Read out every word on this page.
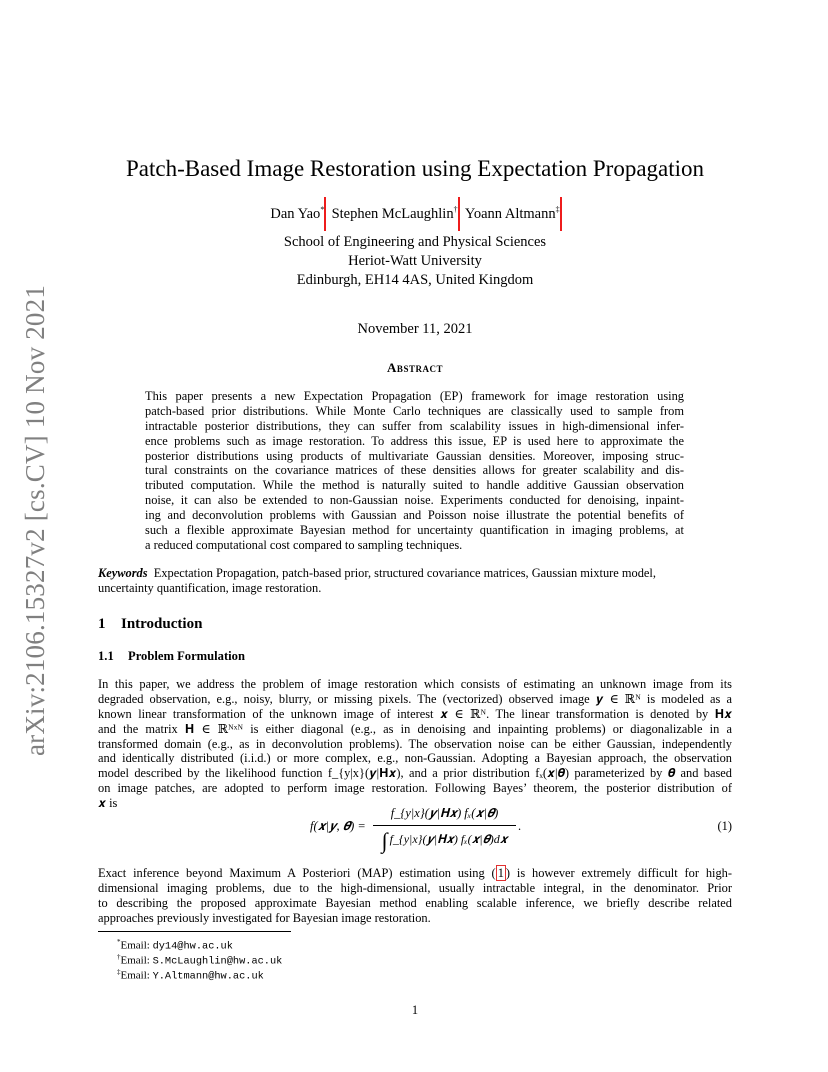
arXiv:2106.15327v2 [cs.CV] 10 Nov 2021
Patch-Based Image Restoration using Expectation Propagation
Dan Yao* Stephen McLaughlin† Yoann Altmann‡
School of Engineering and Physical Sciences
Heriot-Watt University
Edinburgh, EH14 4AS, United Kingdom
November 11, 2021
Abstract
This paper presents a new Expectation Propagation (EP) framework for image restoration using
patch-based prior distributions. While Monte Carlo techniques are classically used to sample from
intractable posterior distributions, they can suffer from scalability issues in high-dimensional infer-
ence problems such as image restoration. To address this issue, EP is used here to approximate the
posterior distributions using products of multivariate Gaussian densities. Moreover, imposing struc-
tural constraints on the covariance matrices of these densities allows for greater scalability and dis-
tributed computation. While the method is naturally suited to handle additive Gaussian observation
noise, it can also be extended to non-Gaussian noise. Experiments conducted for denoising, inpaint-
ing and deconvolution problems with Gaussian and Poisson noise illustrate the potential benefits of
such a flexible approximate Bayesian method for uncertainty quantification in imaging problems, at
a reduced computational cost compared to sampling techniques.
Keywords Expectation Propagation, patch-based prior, structured covariance matrices, Gaussian mixture model,
uncertainty quantification, image restoration.
1 Introduction
1.1 Problem Formulation
In this paper, we address the problem of image restoration which consists of estimating an unknown image from its
degraded observation, e.g., noisy, blurry, or missing pixels. The (vectorized) observed image 𝒚 ∈ ℝᴺ is modeled as a
known linear transformation of the unknown image of interest 𝒙 ∈ ℝᴺ. The linear transformation is denoted by 𝐇𝒙
and the matrix 𝐇 ∈ ℝᴺˣᴺ is either diagonal (e.g., as in denoising and inpainting problems) or diagonalizable in a
transformed domain (e.g., as in deconvolution problems). The observation noise can be either Gaussian, independently
and identically distributed (i.i.d.) or more complex, e.g., non-Gaussian. Adopting a Bayesian approach, the observation
model described by the likelihood function f_{y|x}(𝒚|𝐇𝒙), and a prior distribution fₓ(𝒙|𝜽) parameterized by 𝜽 and based
on image patches, are adopted to perform image restoration. Following Bayes’ theorem, the posterior distribution of
𝒙 is
f(𝒙|𝒚, 𝜽) =
f_{y|x}(𝒚|𝐇𝒙) fₓ(𝒙|𝜽)
∫ f_{y|x}(𝒚|𝐇𝒙) fₓ(𝒙|𝜽)d𝒙
.	(1)
Exact inference beyond Maximum A Posteriori (MAP) estimation using ( 1 ) is however extremely difficult for high-
dimensional imaging problems, due to the high-dimensional, usually intractable integral, in the denominator. Prior
to describing the proposed approximate Bayesian method enabling scalable inference, we briefly describe related
approaches previously investigated for Bayesian image restoration.
*Email: dy14@hw.ac.uk
†Email: S.McLaughlin@hw.ac.uk
‡Email: Y.Altmann@hw.ac.uk
1
